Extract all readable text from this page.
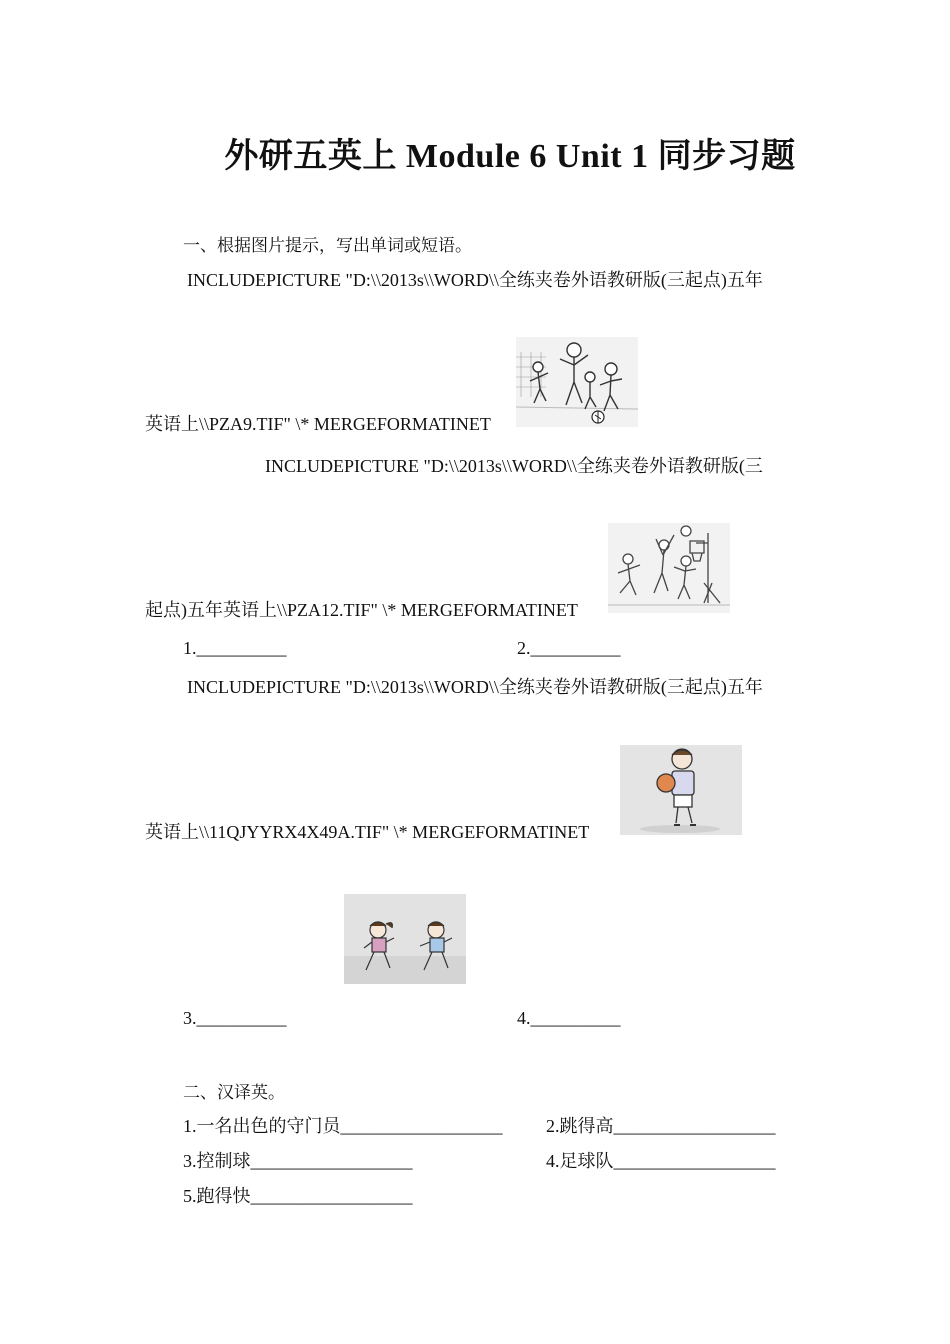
外研五英上 Module 6 Unit 1 同步习题
一、根据图片提示，写出单词或短语。
INCLUDEPICTURE "D:\\2013s\\WORD\\全练夹卷外语教研版(三起点)五年
英语上\\PZA9.TIF" \* MERGEFORMATINET
INCLUDEPICTURE "D:\\2013s\\WORD\\全练夹卷外语教研版(三
起点)五年英语上\\PZA12.TIF" \* MERGEFORMATINET
1.__________	2.__________
INCLUDEPICTURE "D:\\2013s\\WORD\\全练夹卷外语教研版(三起点)五年
英语上\\11QJYYRX4X49A.TIF" \* MERGEFORMATINET
3.__________	4.__________
二、汉译英。
1.一名出色的守门员__________________ 2.跳得高__________________
3.控制球__________________	4.足球队__________________
5.跑得快__________________
